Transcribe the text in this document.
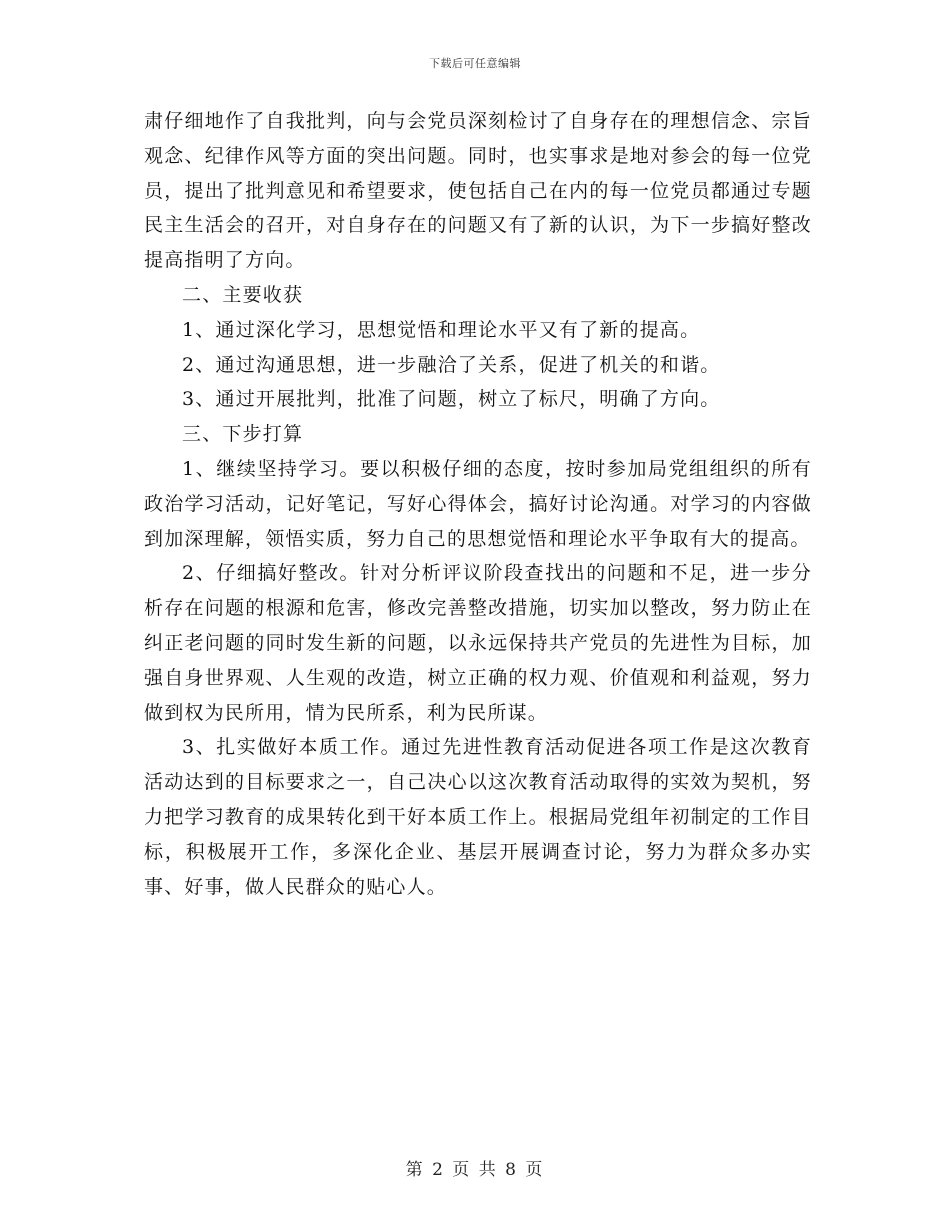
下载后可任意编辑

肃仔细地作了自我批判，向与会党员深刻检讨了自身存在的理想信念、宗旨观念、纪律作风等方面的突出问题。同时，也实事求是地对参会的每一位党员，提出了批判意见和希望要求，使包括自己在内的每一位党员都通过专题民主生活会的召开，对自身存在的问题又有了新的认识，为下一步搞好整改提高指明了方向。

二、主要收获

1、通过深化学习，思想觉悟和理论水平又有了新的提高。

2、通过沟通思想，进一步融洽了关系，促进了机关的和谐。

3、通过开展批判，批准了问题，树立了标尺，明确了方向。

三、下步打算

1、继续坚持学习。要以积极仔细的态度，按时参加局党组组织的所有政治学习活动，记好笔记，写好心得体会，搞好讨论沟通。对学习的内容做到加深理解，领悟实质，努力自己的思想觉悟和理论水平争取有大的提高。

2、仔细搞好整改。针对分析评议阶段查找出的问题和不足，进一步分析存在问题的根源和危害，修改完善整改措施，切实加以整改，努力防止在纠正老问题的同时发生新的问题，以永远保持共产党员的先进性为目标，加强自身世界观、人生观的改造，树立正确的权力观、价值观和利益观，努力做到权为民所用，情为民所系，利为民所谋。

3、扎实做好本质工作。通过先进性教育活动促进各项工作是这次教育活动达到的目标要求之一，自己决心以这次教育活动取得的实效为契机，努力把学习教育的成果转化到干好本质工作上。根据局党组年初制定的工作目标，积极展开工作，多深化企业、基层开展调查讨论，努力为群众多办实事、好事，做人民群众的贴心人。

第 2 页 共 8 页
